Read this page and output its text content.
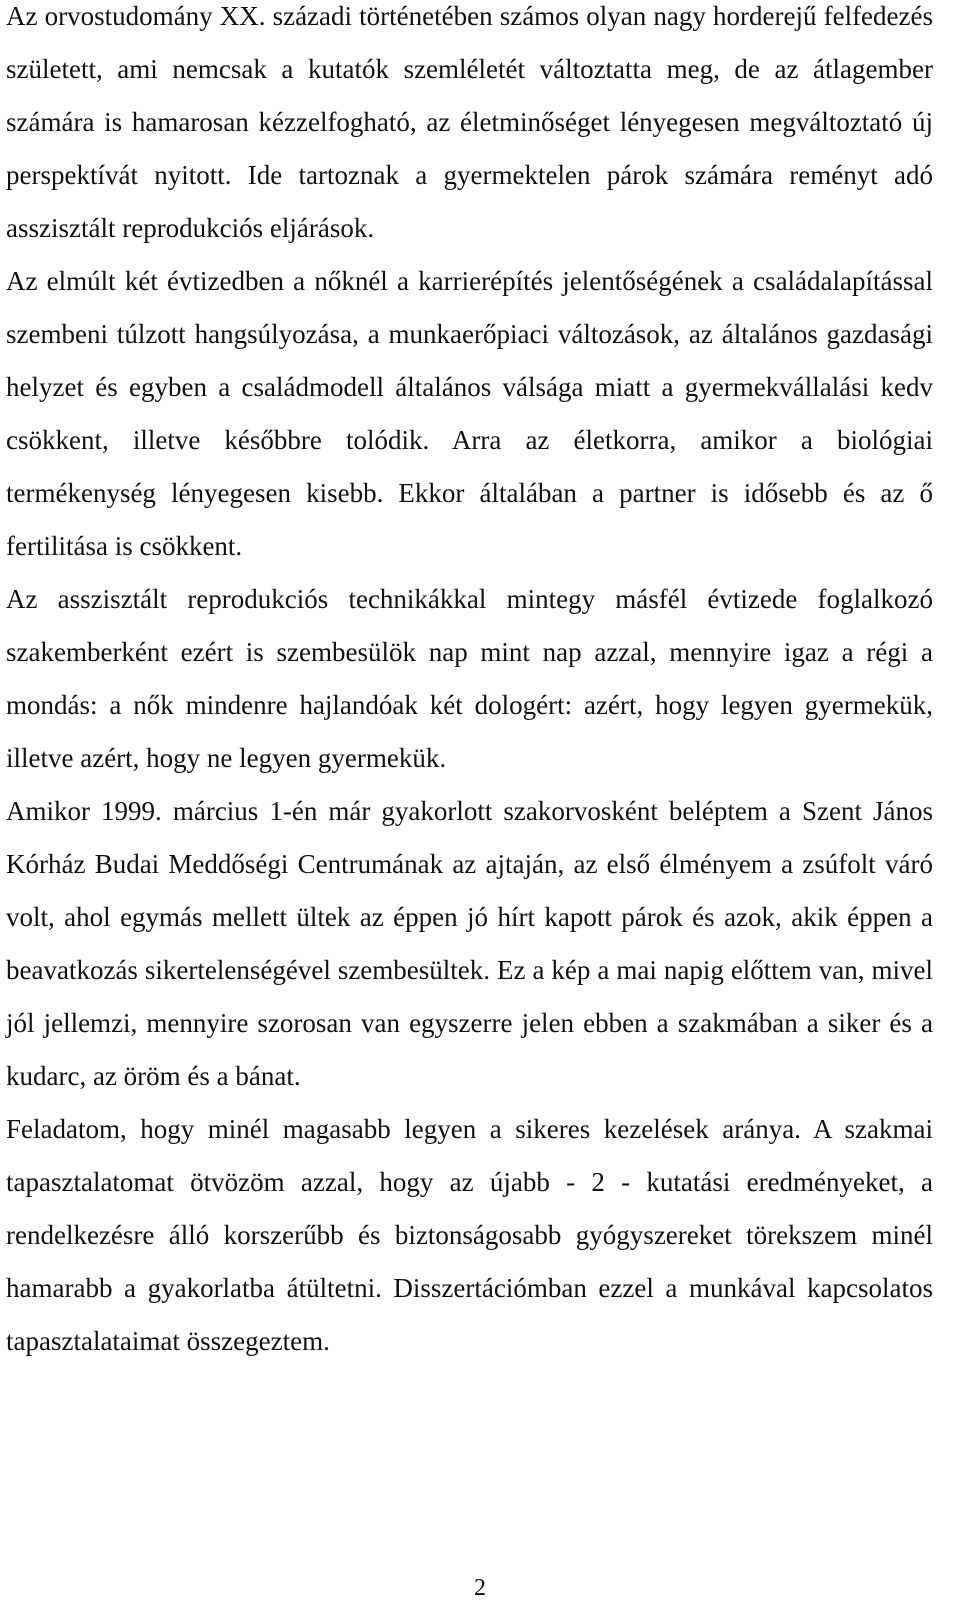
Az orvostudomány XX. századi történetében számos olyan nagy horderejű felfedezés született, ami nemcsak a kutatók szemléletét változtatta meg, de az átlagember számára is hamarosan kézzelfogható, az életminőséget lényegesen megváltoztató új perspektívát nyitott. Ide tartoznak a gyermektelen párok számára reményt adó asszisztált reprodukciós eljárások.

Az elmúlt két évtizedben a nőknél a karrierépítés jelentőségének a családalapítással szembeni túlzott hangsúlyozása, a munkaerőpiaci változások, az általános gazdasági helyzet és egyben a családmodell általános válsága miatt a gyermekvállalási kedv csökkent, illetve későbbre tolódik. Arra az életkorra, amikor a biológiai termékenység lényegesen kisebb. Ekkor általában a partner is idősebb és az ő fertilitása is csökkent.

Az asszisztált reprodukciós technikákkal mintegy másfél évtizede foglalkozó szakemberként ezért is szembesülök nap mint nap azzal, mennyire igaz a régi a mondás: a nők mindenre hajlandóak két dologért: azért, hogy legyen gyermekük, illetve azért, hogy ne legyen gyermekük.

Amikor 1999. március 1-én már gyakorlott szakorvosként beléptem a Szent János Kórház Budai Meddőségi Centrumának az ajtaján, az első élményem a zsúfolt váró volt, ahol egymás mellett ültek az éppen jó hírt kapott párok és azok, akik éppen a beavatkozás sikertelenségével szembesültek. Ez a kép a mai napig előttem van, mivel jól jellemzi, mennyire szorosan van egyszerre jelen ebben a szakmában a siker és a kudarc, az öröm és a bánat.

Feladatom, hogy minél magasabb legyen a sikeres kezelések aránya. A szakmai tapasztalatomat ötvözöm azzal, hogy az újabb - 2 - kutatási eredményeket, a rendelkezésre álló korszerűbb és biztonságosabb gyógyszereket törekszem minél hamarabb a gyakorlatba átültetni. Disszertációmban ezzel a munkával kapcsolatos tapasztalataimat összegeztem.

2
